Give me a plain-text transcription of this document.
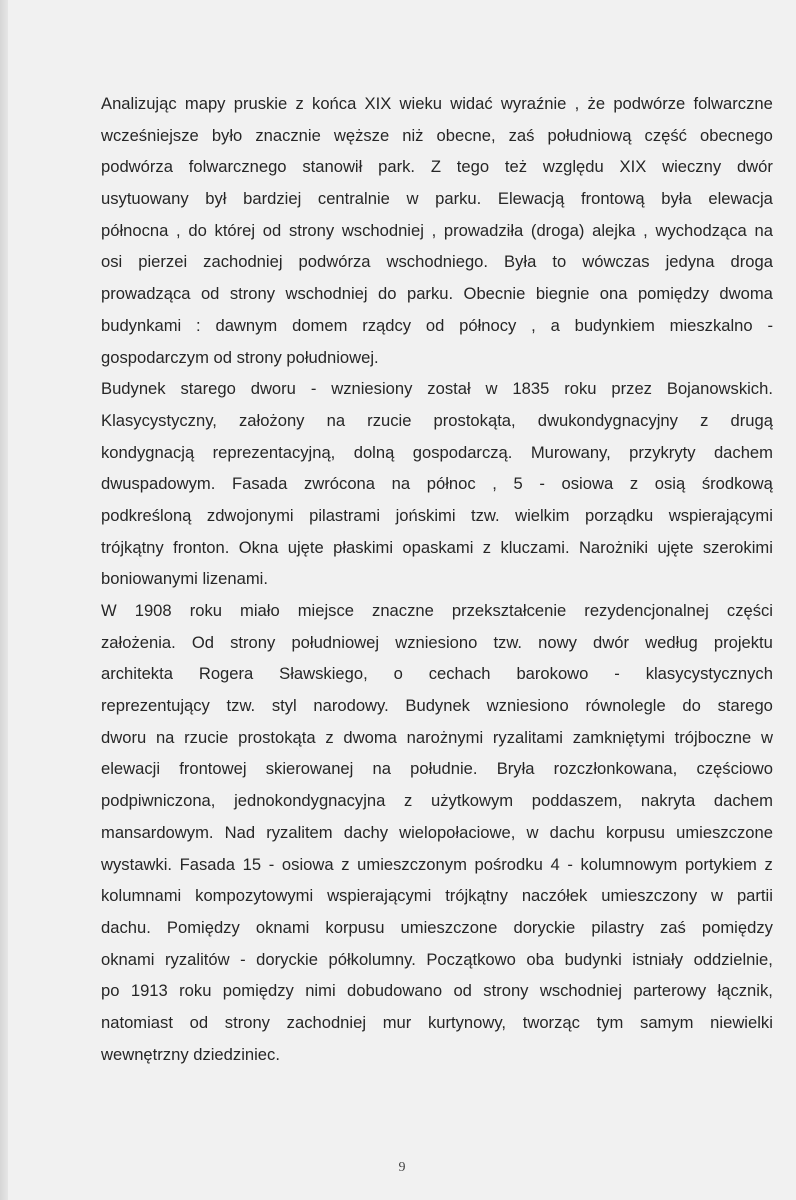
Analizując mapy pruskie z końca XIX wieku widać wyraźnie , że podwórze folwarczne
wcześniejsze było znacznie węższe niż obecne, zaś południową część obecnego
podwórza folwarcznego stanowił park. Z tego też względu XIX wieczny dwór
usytuowany był bardziej centralnie w parku. Elewacją frontową była elewacja
północna , do której od strony wschodniej , prowadziła (droga) alejka , wychodząca na
osi pierzei zachodniej podwórza wschodniego. Była to wówczas jedyna droga
prowadząca od strony wschodniej do parku. Obecnie biegnie ona pomiędzy dwoma
budynkami : dawnym domem rządcy od północy , a budynkiem mieszkalno -
gospodarczym od strony południowej.
Budynek starego dworu - wzniesiony został w 1835 roku przez Bojanowskich.
Klasycystyczny, założony na rzucie prostokąta, dwukondygnacyjny z drugą
kondygnacją reprezentacyjną, dolną gospodarczą. Murowany, przykryty dachem
dwuspadowym. Fasada zwrócona na północ , 5 - osiowa z osią środkową
podkreśloną zdwojonymi pilastrami jońskimi tzw. wielkim porządku wspierającymi
trójkątny fronton. Okna ujęte płaskimi opaskami z kluczami. Narożniki ujęte szerokimi
boniowanymi lizenami.
W 1908 roku miało miejsce znaczne przekształcenie rezydencjonalnej części
założenia. Od strony południowej wzniesiono tzw. nowy dwór według projektu
architekta Rogera Sławskiego, o cechach barokowo - klasycystycznych
reprezentujący tzw. styl narodowy. Budynek wzniesiono równolegle do starego
dworu na rzucie prostokąta z dwoma narożnymi ryzalitami zamkniętymi trójboczne w
elewacji frontowej skierowanej na południe. Bryła rozczłonkowana, częściowo
podpiwniczona, jednokondygnacyjna z użytkowym poddaszem, nakryta dachem
mansardowym. Nad ryzalitem dachy wielopołaciowe, w dachu korpusu umieszczone
wystawki. Fasada 15 - osiowa z umieszczonym pośrodku 4 - kolumnowym portykiem z
kolumnami kompozytowymi wspierającymi trójkątny naczółek umieszczony w partii
dachu. Pomiędzy oknami korpusu umieszczone doryckie pilastry zaś pomiędzy
oknami ryzalitów - doryckie półkolumny. Początkowo oba budynki istniały oddzielnie,
po 1913 roku pomiędzy nimi dobudowano od strony wschodniej parterowy łącznik,
natomiast od strony zachodniej mur kurtynowy, tworząc tym samym niewielki
wewnętrzny dziedziniec.
9
